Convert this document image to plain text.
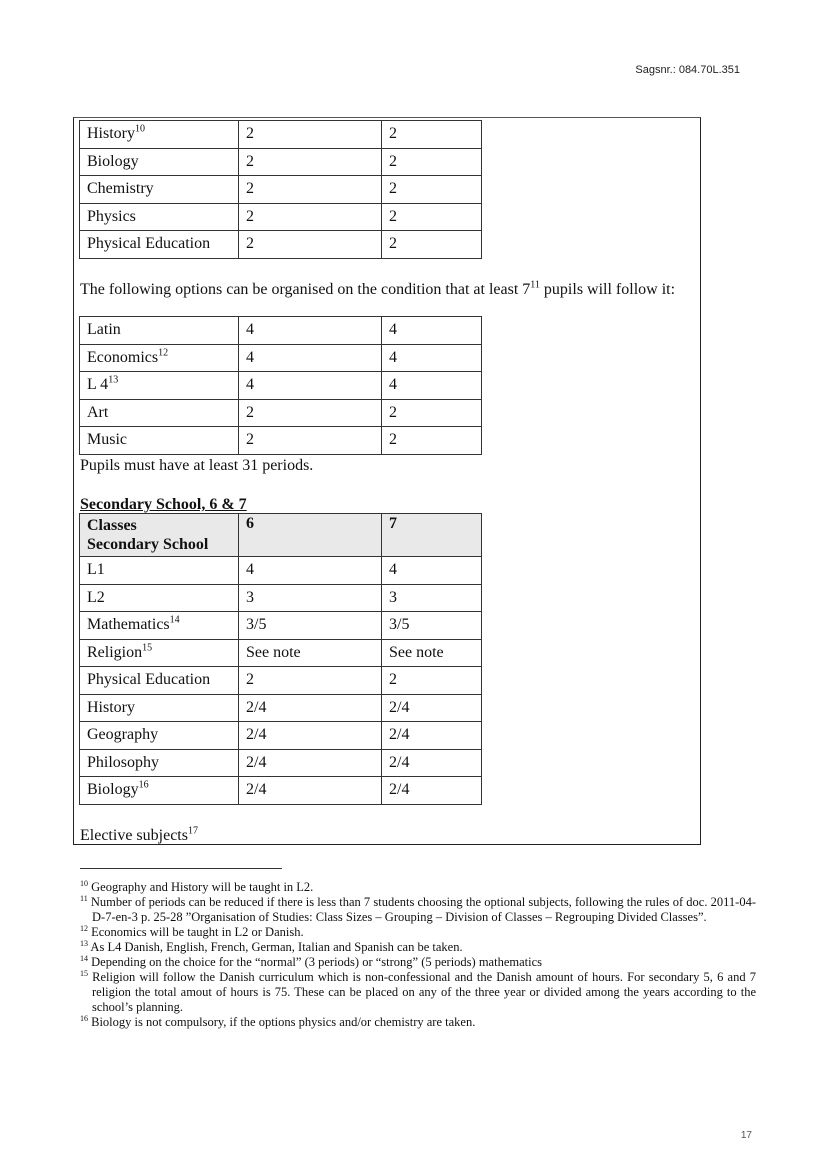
Sagsnr.: 084.70L.351
History$^{10}$	2	2
Biology	2	2
Chemistry	2	2
Physics	2	2
Physical Education	2	2
The following options can be organised on the condition that at least $7^{11}$ pupils will follow it:
Latin	4	4
Economics$^{12}$	4	4
L $4^{13}$	4	4
Art	2	2
Music	2	2
Pupils must have at least 31 periods.
Secondary School, 6 & 7
Classes
Secondary School	6	7
L1	4	4
L2	3	3
Mathematics$^{14}$	3/5	3/5
Religion$^{15}$	See note	See note
Physical Education	2	2
History	2/4	2/4
Geography	2/4	2/4
Philosophy	2/4	2/4
Biology$^{16}$	2/4	2/4
Elective subjects$^{17}$
$^{10}$ Geography and History will be taught in L2.
$^{11}$ Number of periods can be reduced if there is less than 7 students choosing the optional subjects, following the rules of doc. 2011-04-D-7-en-3 p. 25-28 ”Organisation of Studies: Class Sizes – Grouping – Division of Classes – Regrouping Divided Classes”.
$^{12}$ Economics will be taught in L2 or Danish.
$^{13}$ As L4 Danish, English, French, German, Italian and Spanish can be taken.
$^{14}$ Depending on the choice for the “normal” (3 periods) or “strong” (5 periods) mathematics
$^{15}$ Religion will follow the Danish curriculum which is non-confessional and the Danish amount of hours. For secondary 5, 6 and 7 religion the total amout of hours is 75. These can be placed on any of the three year or divided among the years according to the school’s planning.
$^{16}$ Biology is not compulsory, if the options physics and/or chemistry are taken.
17
